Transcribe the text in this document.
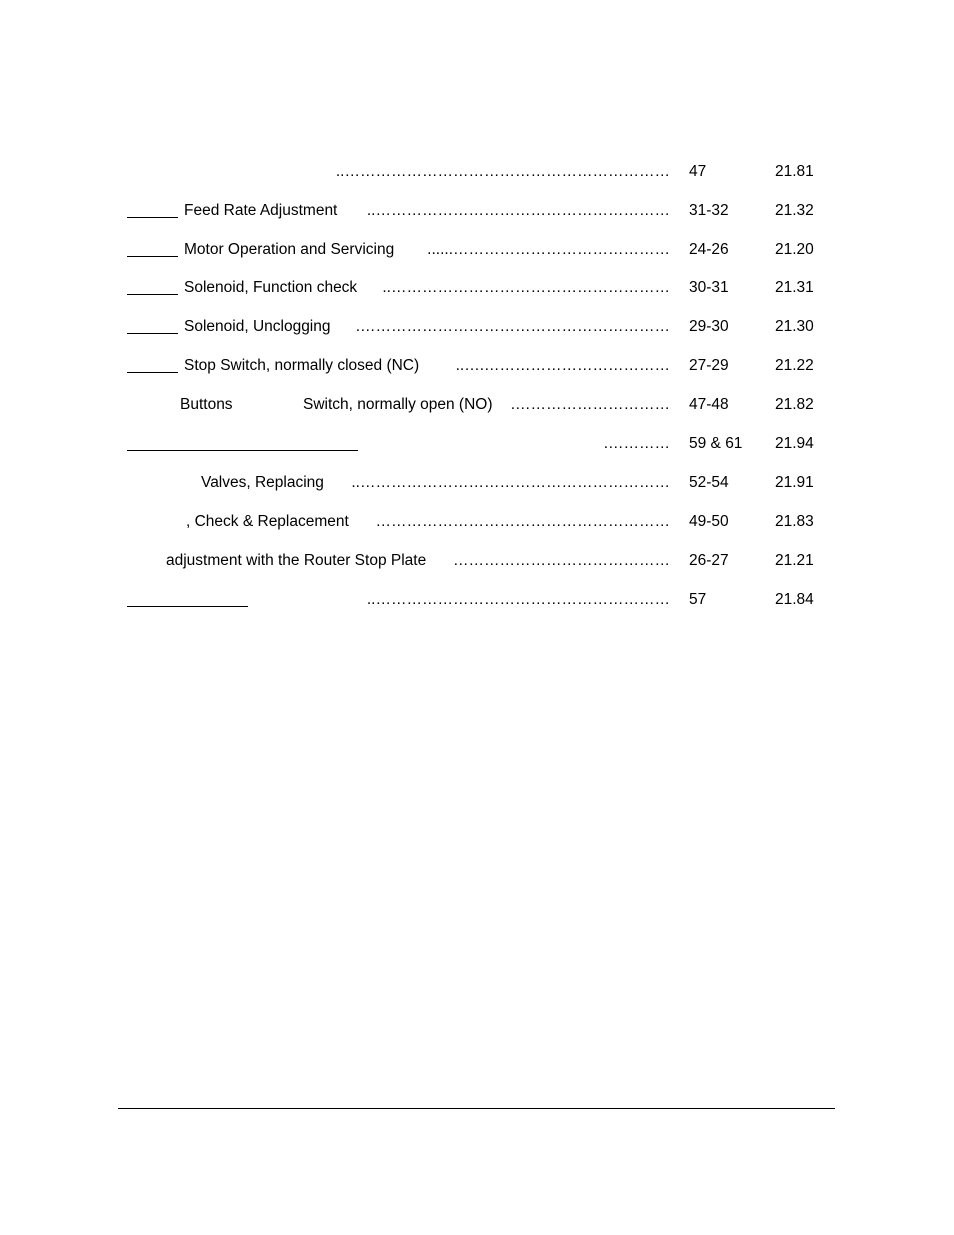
……………………………………………………….. 47	21.81
Feed Rate Adjustment	………………………………………………….. 31-32	21.32
Motor Operation and Servicing	……………………………………...... 24-26	21.20
Solenoid, Function check	……………………………………………….. 30-31	21.31
Solenoid, Unclogging	……………………………………………………. 29-30	21.30
Stop Switch, normally closed (NC)	……………………………….….. 27-29	21.22
Buttons	Switch, normally open (NO)	…………………………. 47-48	21.82
…………. 59 & 61 21.94
Valves, Replacing	…………………………………………………….. 52-54	21.91
, Check & Replacement	………………………………………………… 49-50	21.83
adjustment with the Router Stop Plate	…………………………………… 26-27	21.21
………………………………………………….. 57	21.84
